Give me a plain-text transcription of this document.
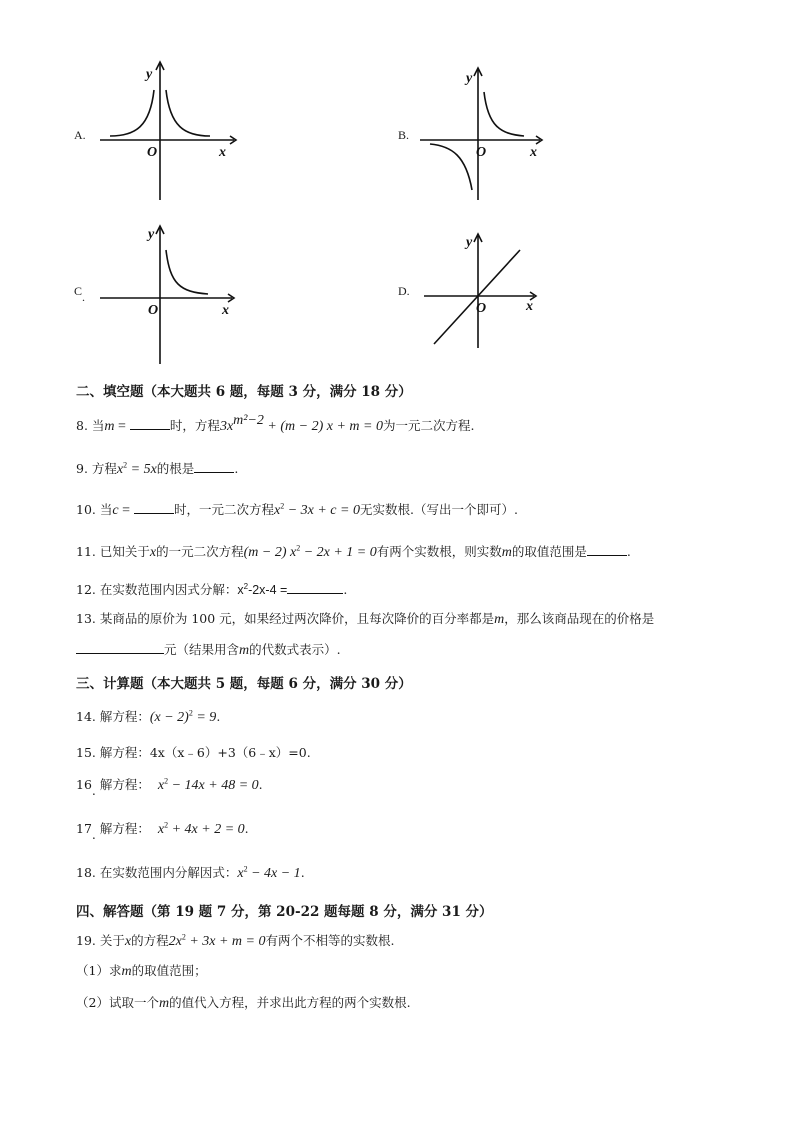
A.
O	x
y
B.
O	x
y
C.
O	x
y
D.
O	x
y
二、填空题（本大题共 6 题，每题 3 分，满分 18 分）
8. 当m =	时，方程$3x^{m^2-2} + (m - 2) x + m = 0$为一元二次方程.
9. 方程$x^2 = 5x$的根是	.
10. 当c =	时，一元二次方程$x^2 - 3x + c = 0$无实数根.（写出一个即可）.
11. 已知关于x的一元二次方程(m − 2) $x^2 - 2x + 1 = 0$有两个实数根，则实数m的取值范围是	.
12. 在实数范围内因式分解：$x^2-2x-4$ =	.
13. 某商品的原价为 100 元，如果经过两次降价，且每次降价的百分率都是m，那么该商品现在的价格是
元（结果用含m的代数式表示）.
三、计算题（本大题共 5 题，每题 6 分，满分 30 分）
14. 解方程：$(x - 2)^2 = 9$.
15. 解方程：4x（x﹣6）+3（6﹣x）=0.
16. 解方程： $x^2 - 14x + 48 = 0$.
17. 解方程： $x^2 + 4x + 2 = 0$.
18. 在实数范围内分解因式：$x^2 - 4x - 1$.
四、解答题（第 19 题 7 分，第 20-22 题每题 8 分，满分 31 分）
19. 关于x的方程$2x^2 + 3x + m = 0$有两个不相等的实数根.
（1）求m的取值范围；
（2）试取一个m的值代入方程，并求出此方程的两个实数根.
